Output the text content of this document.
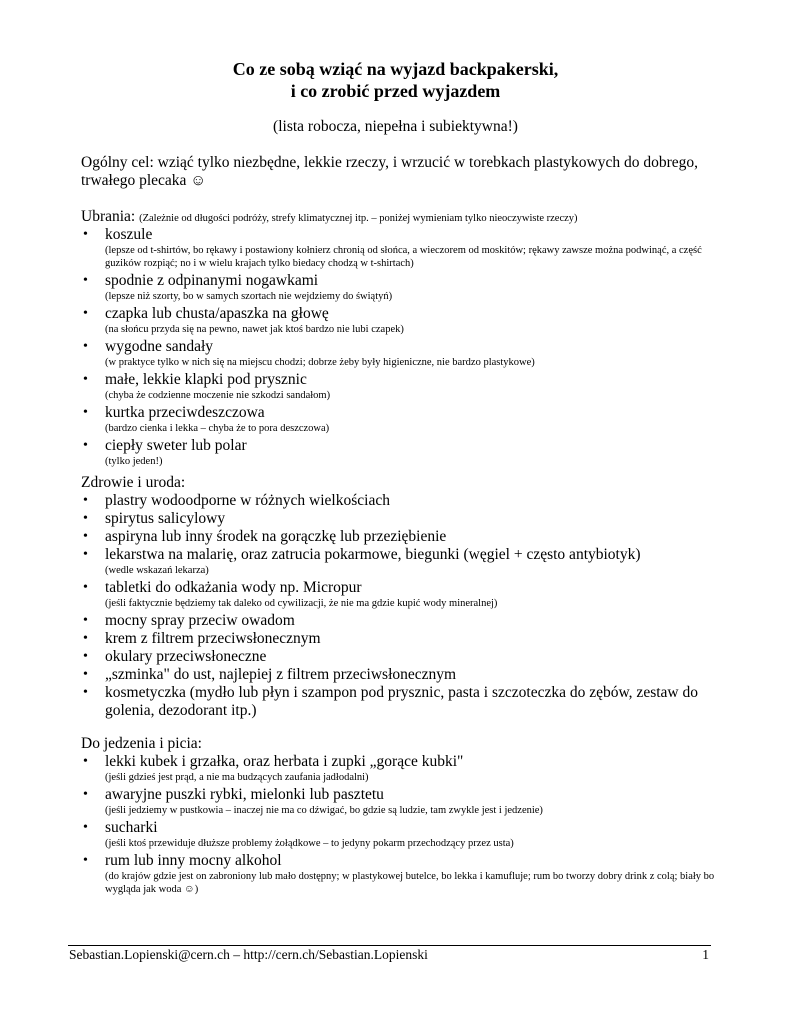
Co ze sobą wziąć na wyjazd backpakerski,
i co zrobić przed wyjazdem
(lista robocza, niepełna i subiektywna!)
Ogólny cel: wziąć tylko niezbędne, lekkie rzeczy, i wrzucić w torebkach plastykowych do dobrego, trwałego plecaka ☺
Ubrania: (Zależnie od długości podróży, strefy klimatycznej itp. – poniżej wymieniam tylko nieoczywiste rzeczy)
• koszule
(lepsze od t-shirtów, bo rękawy i postawiony kołnierz chronią od słońca, a wieczorem od moskitów; rękawy zawsze można podwinąć, a część guzików rozpiąć; no i w wielu krajach tylko biedacy chodzą w t-shirtach)
• spodnie z odpinanymi nogawkami
(lepsze niż szorty, bo w samych szortach nie wejdziemy do świątyń)
• czapka lub chusta/apaszka na głowę
(na słońcu przyda się na pewno, nawet jak ktoś bardzo nie lubi czapek)
• wygodne sandały
(w praktyce tylko w nich się na miejscu chodzi; dobrze żeby były higieniczne, nie bardzo plastykowe)
• małe, lekkie klapki pod prysznic
(chyba że codzienne moczenie nie szkodzi sandałom)
• kurtka przeciwdeszczowa
(bardzo cienka i lekka – chyba że to pora deszczowa)
• ciepły sweter lub polar
(tylko jeden!)
Zdrowie i uroda:
• plastry wodoodporne w różnych wielkościach
• spirytus salicylowy
• aspiryna lub inny środek na gorączkę lub przeziębienie
• lekarstwa na malarię, oraz zatrucia pokarmowe, biegunki (węgiel + często antybiotyk)
(wedle wskazań lekarza)
• tabletki do odkażania wody np. Micropur
(jeśli faktycznie będziemy tak daleko od cywilizacji, że nie ma gdzie kupić wody mineralnej)
• mocny spray przeciw owadom
• krem z filtrem przeciwsłonecznym
• okulary przeciwsłoneczne
• „szminka" do ust, najlepiej z filtrem przeciwsłonecznym
• kosmetyczka (mydło lub płyn i szampon pod prysznic, pasta i szczoteczka do zębów, zestaw do golenia, dezodorant itp.)
Do jedzenia i picia:
• lekki kubek i grzałka, oraz herbata i zupki „gorące kubki"
(jeśli gdzieś jest prąd, a nie ma budzących zaufania jadłodalni)
• awaryjne puszki rybki, mielonki lub pasztetu
(jeśli jedziemy w pustkowia – inaczej nie ma co dźwigać, bo gdzie są ludzie, tam zwykle jest i jedzenie)
• sucharki
(jeśli ktoś przewiduje dłuższe problemy żołądkowe – to jedyny pokarm przechodzący przez usta)
• rum lub inny mocny alkohol
(do krajów gdzie jest on zabroniony lub mało dostępny; w plastykowej butelce, bo lekka i kamufluje; rum bo tworzy dobry drink z colą; biały bo wygląda jak woda ☺)
Sebastian.Lopienski@cern.ch – http://cern.ch/Sebastian.Lopienski	1
